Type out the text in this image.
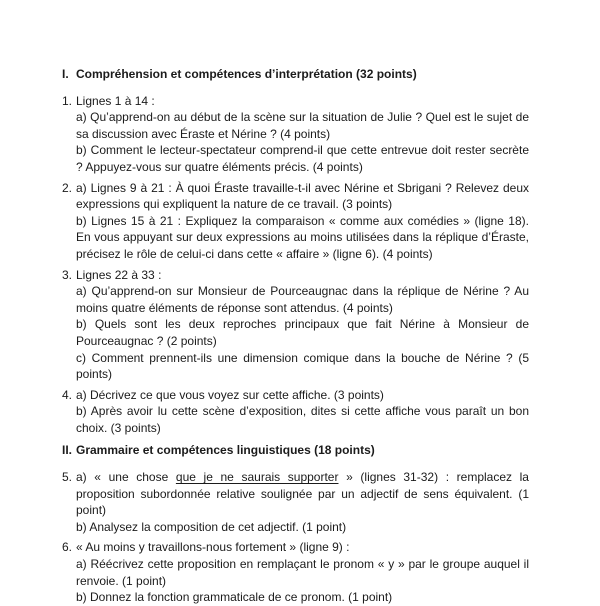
I. Compréhension et compétences d’interprétation (32 points)
1. Lignes 1 à 14 :

a) Qu’apprend-on au début de la scène sur la situation de Julie ? Quel est le sujet de sa discussion avec Éraste et Nérine ? (4 points)

b) Comment le lecteur-spectateur comprend-il que cette entrevue doit rester secrète ? Appuyez-vous sur quatre éléments précis. (4 points)

2. a) Lignes 9 à 21 : À quoi Éraste travaille-t-il avec Nérine et Sbrigani ? Relevez deux expressions qui expliquent la nature de ce travail. (3 points)

b) Lignes 15 à 21 : Expliquez la comparaison « comme aux comédies » (ligne 18). En vous appuyant sur deux expressions au moins utilisées dans la réplique d’Éraste, précisez le rôle de celui-ci dans cette « affaire » (ligne 6). (4 points)

3. Lignes 22 à 33 :

a) Qu’apprend-on sur Monsieur de Pourceaugnac dans la réplique de Nérine ? Au moins quatre éléments de réponse sont attendus. (4 points)

b) Quels sont les deux reproches principaux que fait Nérine à Monsieur de Pourceaugnac ? (2 points)

c) Comment prennent-ils une dimension comique dans la bouche de Nérine ? (5 points)

4. a) Décrivez ce que vous voyez sur cette affiche. (3 points)

b) Après avoir lu cette scène d’exposition, dites si cette affiche vous paraît un bon choix. (3 points)

II. Grammaire et compétences linguistiques (18 points)
5. a) « une chose que je ne saurais supporter » (lignes 31-32) : remplacez la proposition subordonnée relative soulignée par un adjectif de sens équivalent. (1 point)

b) Analysez la composition de cet adjectif. (1 point)

6. « Au moins y travaillons-nous fortement » (ligne 9) :

a) Réécrivez cette proposition en remplaçant le pronom « y » par le groupe auquel il renvoie. (1 point)

b) Donnez la fonction grammaticale de ce pronom. (1 point)
